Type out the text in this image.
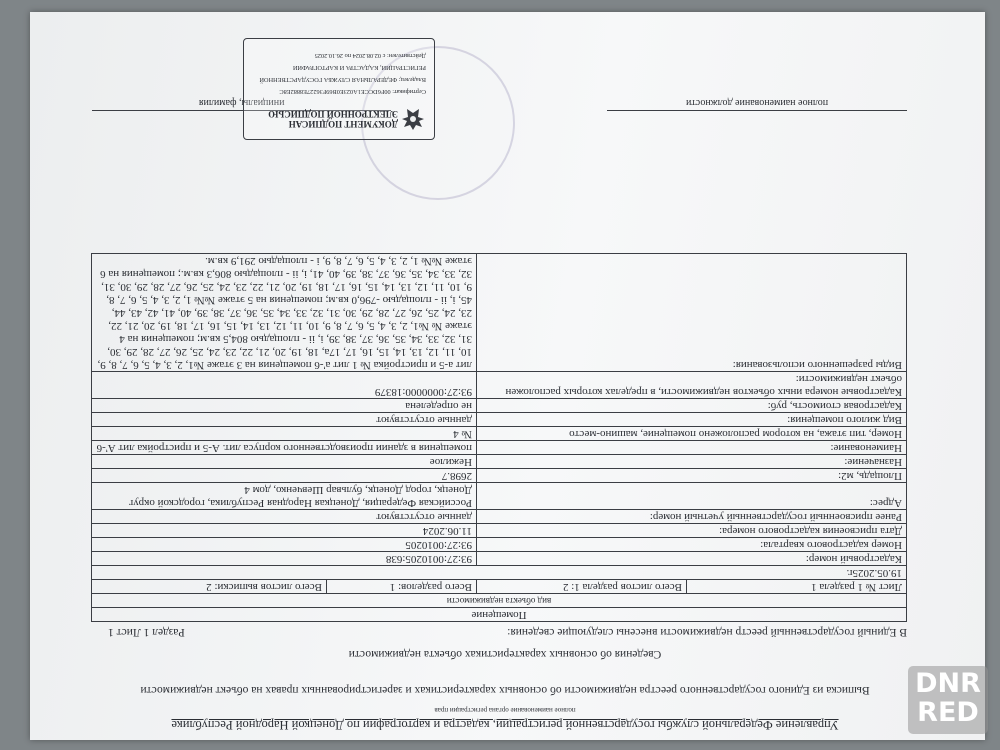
Управление Федеральной службы государственной регистрации, кадастра и картографии по Донецкой Народной Республике
полное наименование органа регистрации прав
Выписка из Единого государственного реестра недвижимости об основных характеристиках и зарегистрированных правах на объект недвижимости
Сведения об основных характеристиках объекта недвижимости
В Единый государственный реестр недвижимости внесены следующие сведения:
Раздел 1 Лист 1
Помещение			
вид объекта недвижимости			
Лист № 1 раздела 1	Всего листов раздела 1: 2	Всего разделов: 1	Всего листов выписки: 2
19.05.2025г.			
Кадастровый номер:		93:27:0010205:638	
Номер кадастрового квартала:		93:27:0010205	
Дата присвоения кадастрового номера:		11.06.2024	
Ранее присвоенный государственный учетный номер:		данные отсутствуют	
Адрес:		Российская Федерация, Донецкая Народная Республика, городской округ Донецк, город Донецк, бульвар Шевченко, дом 4	
Площадь, м2:		2698.7	
Назначение:		Нежилое	
Наименование:		помещения в здании производственного корпуса лит. А-5 и пристройка лит А'-6	
Номер, тип этажа, на котором расположено помещение, машино-место		№ 4	
Вид жилого помещения:		данные отсутствуют	
Кадастровая стоимость, руб:		не определена	
Кадастровые номера иных объектов недвижимости, в пределах которых расположен объект недвижимости:		93:27:0000000:18379	
Виды разрешенного использования:		лит а-5 и пристройка № 1 лит а'-6 помещения на 3 этаже №1, 2, 3, 4, 5, 6, 7, 8, 9, 10, 11, 12, 13, 14, 15, 16, 17, 17а, 18, 19, 20, 21, 22, 23, 24, 25, 26, 27, 28, 29, 30, 31, 32, 33, 34, 35, 36, 37, 38, 39, i, ii - площадью 804,5 кв.м; помещения на 4 этаже № №1, 2, 3, 4, 5, 6, 7, 8, 9, 10, 11, 12, 13, 14, 15, 16, 17, 18, 19, 20, 21, 22, 23, 24, 25, 26, 27, 28, 29, 30, 31, 32, 33, 34, 35, 36, 37, 38, 39, 40, 41, 42, 43, 44, 45, i, ii - площадью -796,0 кв.м; помещения на 5 этаже №№ 1, 2, 3, 4, 5, 6, 7, 8, 9, 10, 11, 12, 13, 14, 15, 16, 17, 18, 19, 20, 21, 22, 23, 24, 25, 26, 27, 28, 29, 30, 31, 32, 33, 34, 35, 36, 37, 38, 39, 40, 41, i, ii - площадью 806,3 кв.м.; помещения на 6 этаже №№ 1, 2, 3, 4, 5, 6, 7, 8, 9, i - площадью 291,9 кв.м.	

полное наименование должности		инициалы, фамилия
ДОКУМЕНТ ПОДПИСАН
ЭЛЕКТРОННОЙ ПОДПИСЬЮ
Сертификат: 00F6DCCE1A023E0B69F36227E8882E8C
Владелец: ФЕДЕРАЛЬНАЯ СЛУЖБА ГОСУДАРСТВЕННОЙ
РЕГИСТРАЦИИ, КАДАСТРА И КАРТОГРАФИИ
Действителен: с 02.08.2024 по 26.10.2025
DNR
RED
